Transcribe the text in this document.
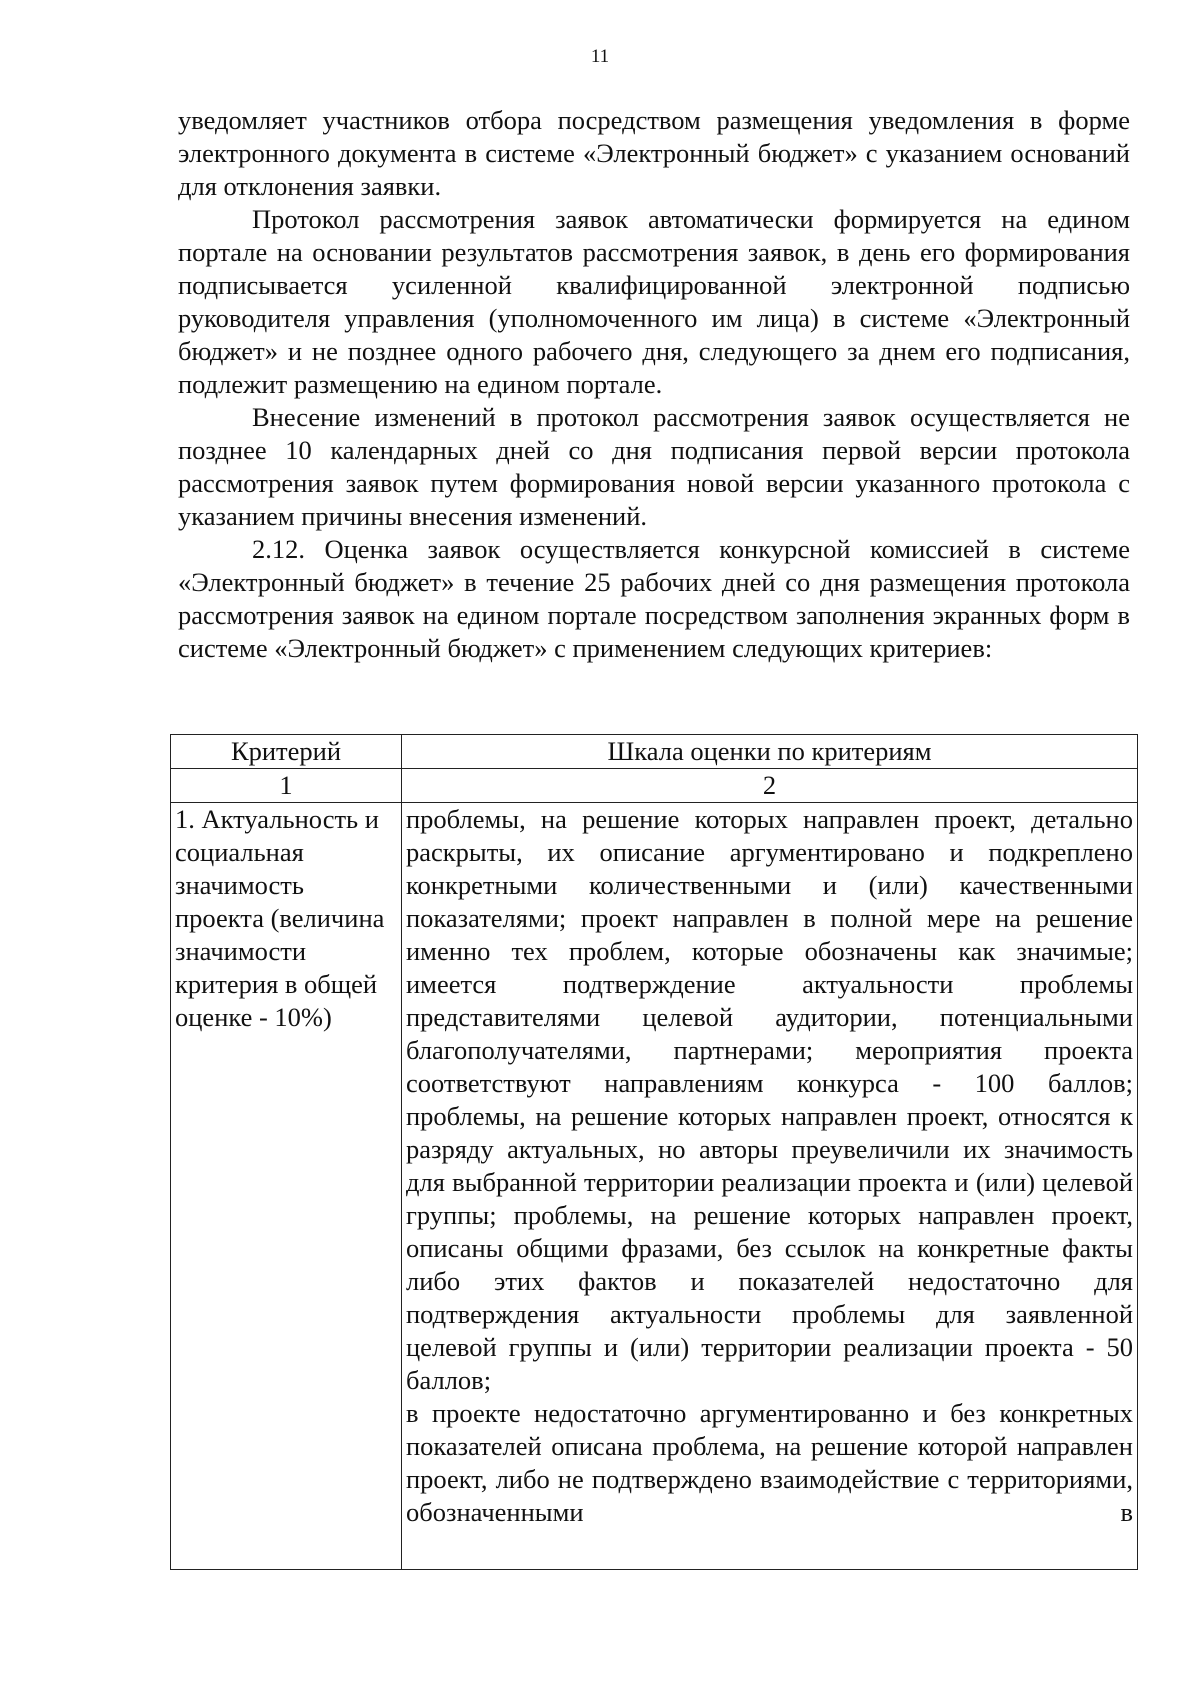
11

уведомляет участников отбора посредством размещения уведомления в форме электронного документа в системе «Электронный бюджет» с указанием оснований для отклонения заявки.

Протокол рассмотрения заявок автоматически формируется на едином портале на основании результатов рассмотрения заявок, в день его формирования подписывается усиленной квалифицированной электронной подписью руководителя управления (уполномоченного им лица) в системе «Электронный бюджет» и не позднее одного рабочего дня, следующего за днем его подписания, подлежит размещению на едином портале.

Внесение изменений в протокол рассмотрения заявок осуществляется не позднее 10 календарных дней со дня подписания первой версии протокола рассмотрения заявок путем формирования новой версии указанного протокола с указанием причины внесения изменений.

2.12. Оценка заявок осуществляется конкурсной комиссией в системе «Электронный бюджет» в течение 25 рабочих дней со дня размещения протокола рассмотрения заявок на едином портале посредством заполнения экранных форм в системе «Электронный бюджет» с применением следующих критериев:

Критерий	Шкала оценки по критериям
1	2
1. Актуальность и социальная значимость проекта (величина значимости критерия в общей оценке - 10%)	проблемы, на решение которых направлен проект, детально раскрыты, их описание аргументировано и подкреплено конкретными количественными и (или) качественными показателями; проект направлен в полной мере на решение именно тех проблем, которые обозначены как значимые; имеется подтверждение актуальности проблемы представителями целевой аудитории, потенциальными благополучателями, партнерами; мероприятия проекта соответствуют направлениям конкурса - 100 баллов;

проблемы, на решение которых направлен проект, относятся к разряду актуальных, но авторы преувеличили их значимость для выбранной территории реализации проекта и (или) целевой группы; проблемы, на решение которых направлен проект, описаны общими фразами, без ссылок на конкретные факты либо этих фактов и показателей недостаточно для подтверждения актуальности проблемы для заявленной целевой группы и (или) территории реализации проекта - 50 баллов;

в проекте недостаточно аргументированно и без конкретных показателей описана проблема, на решение которой направлен проект, либо не подтверждено взаимодействие с территориями, обозначенными в
